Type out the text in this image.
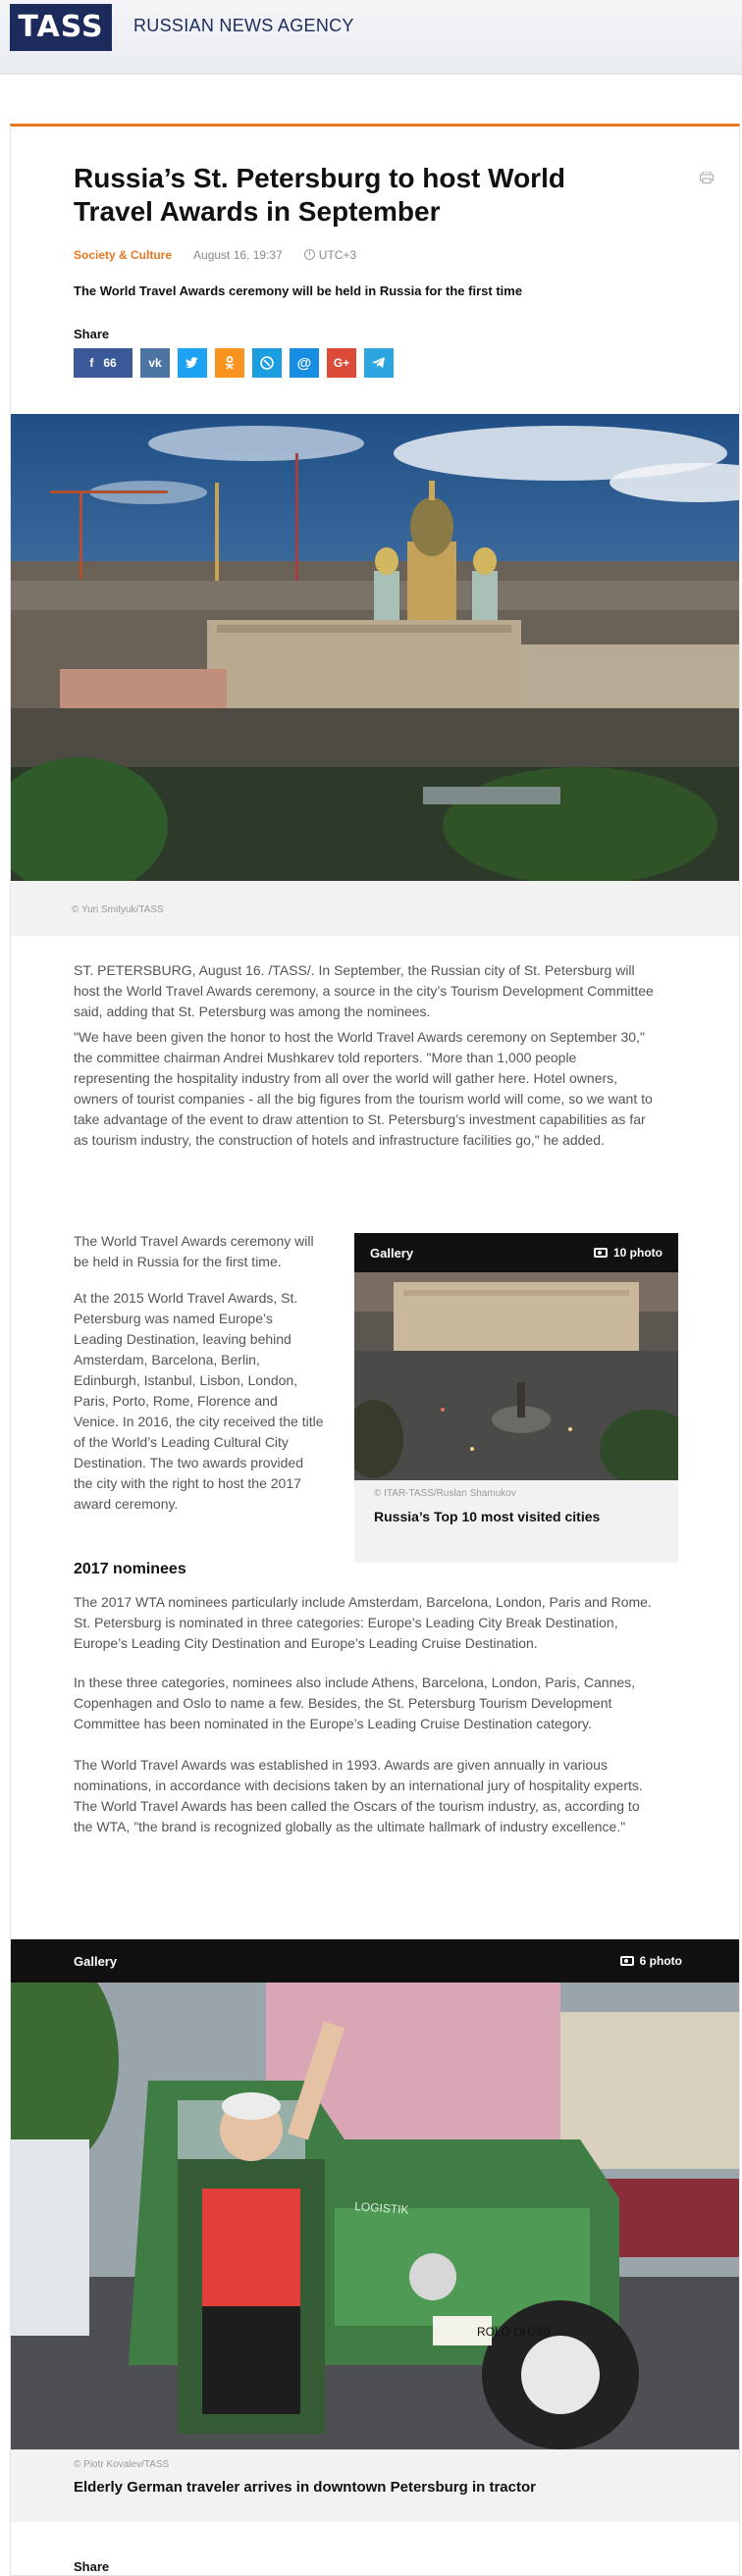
TASS	RUSSIAN NEWS AGENCY
Russia’s St. Petersburg to host World Travel Awards in September
Society & Culture August 16, 19:37	UTC+3
The World Travel Awards ceremony will be held in Russia for the first time
Share
f 66	vk	@ G+
© Yuri Smityuk/TASS

ST. PETERSBURG, August 16. /TASS/. In September, the Russian city of St. Petersburg will host the World Travel Awards ceremony, a source in the city’s Tourism Development Committee said, adding that St. Petersburg was among the nominees.

"We have been given the honor to host the World Travel Awards ceremony on September 30," the committee chairman Andrei Mushkarev told reporters. "More than 1,000 people representing the hospitality industry from all over the world will gather here. Hotel owners, owners of tourist companies - all the big figures from the tourism world will come, so we want to take advantage of the event to draw attention to St. Petersburg’s investment capabilities as far as tourism industry, the construction of hotels and infrastructure facilities go," he added.

The World Travel Awards ceremony will be held in Russia for the first time.

At the 2015 World Travel Awards, St. Petersburg was named Europe’s Leading Destination, leaving behind Amsterdam, Barcelona, Berlin, Edinburgh, Istanbul, Lisbon, London, Paris, Porto, Rome, Florence and Venice. In 2016, the city received the title of the World’s Leading Cultural City Destination. The two awards provided the city with the right to host the 2017 award ceremony.

Gallery	10 photo
© ITAR-TASS/Ruslan Shamukov
Russia’s Top 10 most visited cities
2017 nominees

The 2017 WTA nominees particularly include Amsterdam, Barcelona, London, Paris and Rome. St. Petersburg is nominated in three categories: Europe’s Leading City Break Destination, Europe’s Leading City Destination and Europe’s Leading Cruise Destination.

In these three categories, nominees also include Athens, Barcelona, London, Paris, Cannes, Copenhagen and Oslo to name a few. Besides, the St. Petersburg Tourism Development Committee has been nominated in the Europe’s Leading Cruise Destination category.

The World Travel Awards was established in 1993. Awards are given annually in various nominations, in accordance with decisions taken by an international jury of hospitality experts. The World Travel Awards has been called the Oscars of the tourism industry, as, according to the WTA, "the brand is recognized globally as the ultimate hallmark of industry excellence."

Gallery	6 photo
LOGISTIK
ROLO DH250
© Piotr Kovalev/TASS
Elderly German traveler arrives in downtown Petersburg in tractor
Share
